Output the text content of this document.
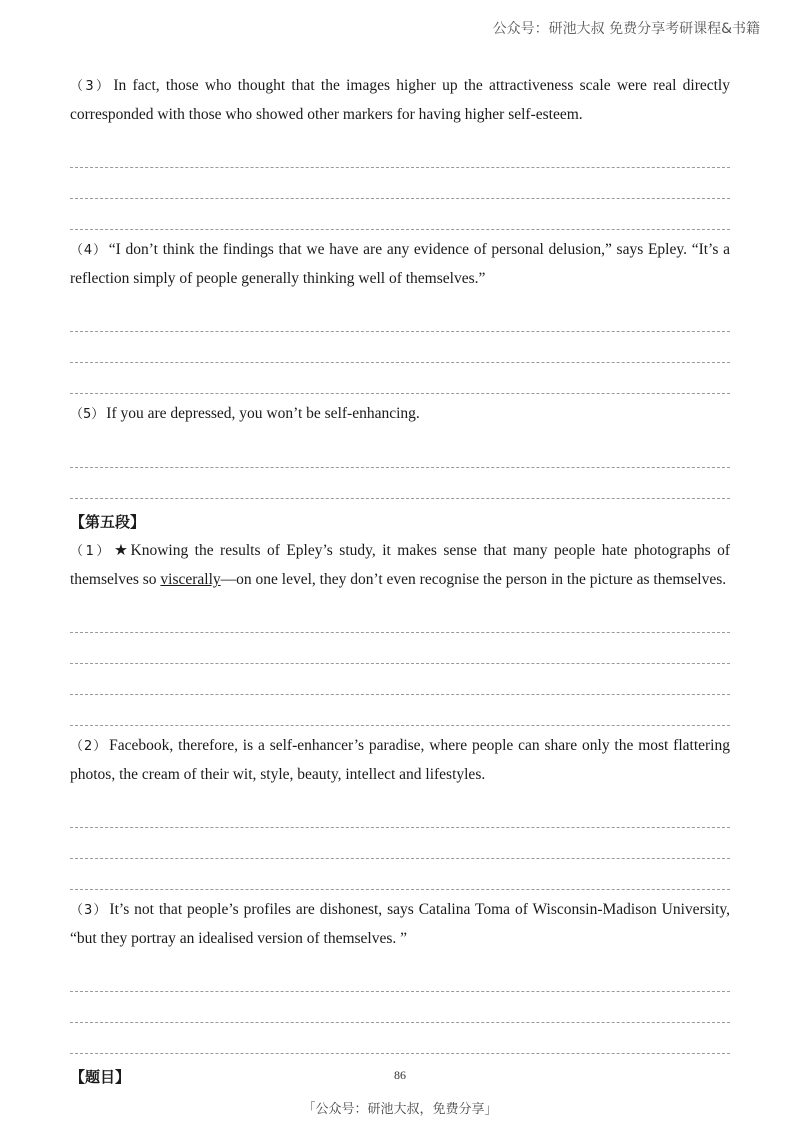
公众号：研池大叔 免费分享考研课程&书籍

（3） In fact, those who thought that the images higher up the attractiveness scale were real directly corresponded with those who showed other markers for having higher self-esteem.

（4） “I don’t think the findings that we have are any evidence of personal delusion,” says Epley. “It’s a reflection simply of people generally thinking well of themselves.”

（5） If you are depressed, you won’t be self-enhancing.

【第五段】

（1） ★Knowing the results of Epley’s study, it makes sense that many people hate photographs of themselves so viscerally—on one level, they don’t even recognise the person in the picture as themselves.

（2） Facebook, therefore, is a self-enhancer’s paradise, where people can share only the most flattering photos, the cream of their wit, style, beauty, intellect and lifestyles.

（3） It’s not that people’s profiles are dishonest, says Catalina Toma of Wisconsin-Madison University, “but they portray an idealised version of themselves. ”

【题目】	86
「公众号：研池大叔，免费分享」
